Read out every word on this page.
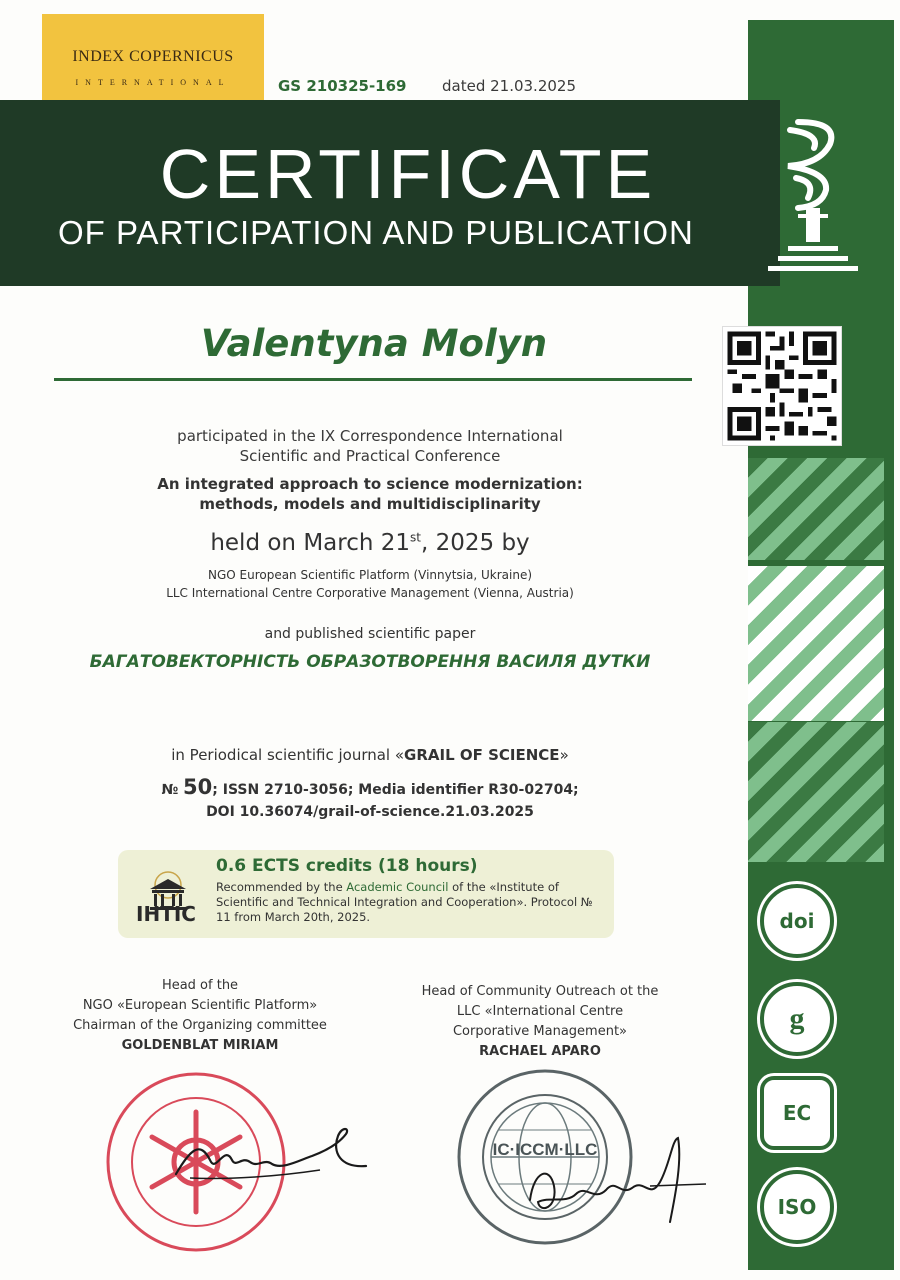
doi
g
EC
ISO
INDEX COPERNICUS
INTERNATIONAL	GS 210325-169 dated 21.03.2025
CERTIFICATE
OF PARTICIPATION AND PUBLICATION
Valentyna Molyn
participated in the IX Correspondence International
Scientific and Practical Conference
An integrated approach to science modernization:
methods, models and multidisciplinarity
held on March 21st, 2025 by
NGO European Scientific Platform (Vinnytsia, Ukraine)
LLC International Centre Corporative Management (Vienna, Austria)
and published scientific paper
БАГАТОВЕКТОРНІСТЬ ОБРАЗОТВОРЕННЯ ВАСИЛЯ ДУТКИ
in Periodical scientific journal «GRAIL OF SCIENCE»
№ 50; ISSN 2710-3056; Media identifier R30-02704;
DOI 10.36074/grail-of-science.21.03.2025
IHTIC
0.6 ECTS credits (18 hours)
Recommended by the Academic Council of the «Institute of Scientific and Technical Integration and Cooperation». Protocol № 11 from March 20th, 2025.
Head of the
NGO «European Scientific Platform»
Chairman of the Organizing committee
GOLDENBLAT MIRIAM
Head of Community Outreach ot the
LLC «International Centre
Corporative Management»
RACHAEL APARO
IC·ICCM·LLC
